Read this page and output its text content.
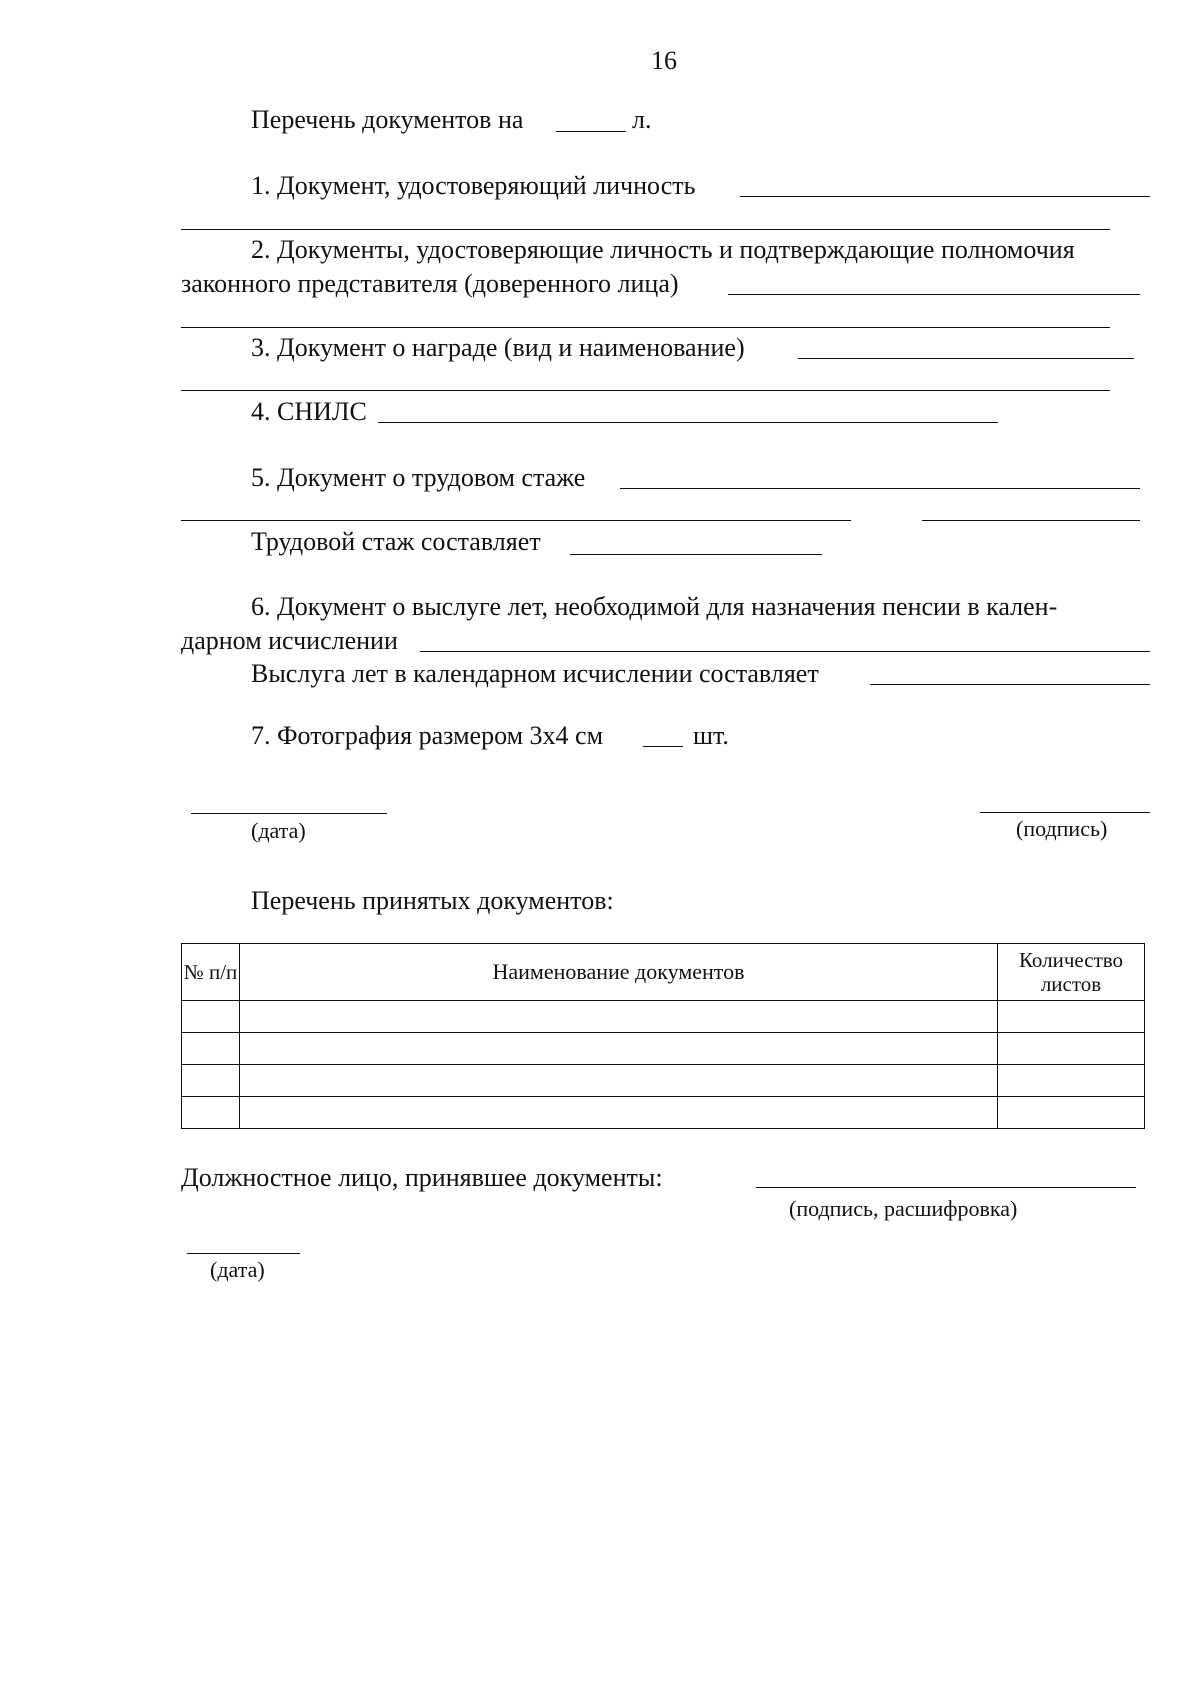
16
Перечень документов на	л.
1. Документ, удостоверяющий личность
2. Документы, удостоверяющие личность и подтверждающие полномочия
законного представителя (доверенного лица)
3. Документ о награде (вид и наименование)
4. СНИЛС
5. Документ о трудовом стаже
Трудовой стаж составляет
6. Документ о выслуге лет, необходимой для назначения пенсии в кален-
дарном исчислении
Выслуга лет в календарном исчислении составляет
7. Фотография размером 3х4 см	шт.
(дата)	(подпись)
Перечень принятых документов:
№ п/п	Наименование документов	Количество листов

Должностное лицо, принявшее документы:
(подпись, расшифровка)
(дата)
